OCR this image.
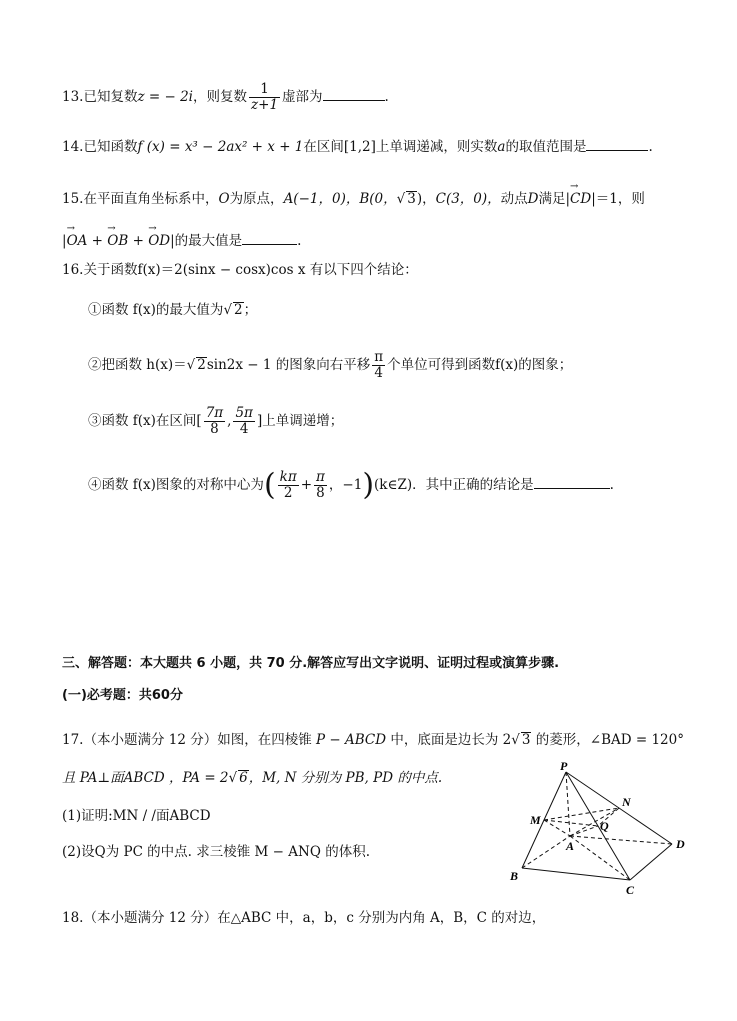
13.已知复数z = − 2i，则复数 $\frac{1}{z+1}$ 虚部为	.
14.已知函数f (x) = x³ − 2ax² + x + 1在区间[1,2]上单调递减，则实数a的取值范围是	.
15.在平面直角坐标系中，O为原点，A(−1，0)，B(0，√ 3)，C(3，0)，动点D满足|→ CD|＝1，则
|→ OA + → OB + → OD|的最大值是	.
16.关于函数f(x)＝2(sinx − cosx)cos x 有以下四个结论：
①函数 f(x)的最大值为√ 2；
②把函数 h(x)＝√ 2sin2x − 1 的图象向右平移 $\frac{\pi}{4}$ 个单位可得到函数f(x)的图象；
③函数 f(x)在区间[ $\frac{7\pi}{8}$ , $\frac{5\pi}{4}$ ]上单调递增；
④函数 f(x)图象的对称中心为( $\frac{k\pi}{2} + \frac{\pi}{8}$ ，−1)(k∈Z)．其中正确的结论是	.
三、解答题：本大题共 6 小题，共 70 分.解答应写出文字说明、证明过程或演算步骤.
(一)必考题：共60分
17.（本小题满分 12 分）如图，在四棱锥 P − ABCD 中，底面是边长为 2√ 3 的菱形，∠BAD = 120°
且 PA⊥面ABCD ，PA = 2√ 6，M, N 分别为 PB, PD 的中点.
(1)证明:MN / /面ABCD
(2)设Q为 PC 的中点. 求三棱锥 M − ANQ 的体积.
P
N
M	Q
A	D
B
C
18.（本小题满分 12 分）在△ABC 中，a，b，c 分别为内角 A，B，C 的对边，
